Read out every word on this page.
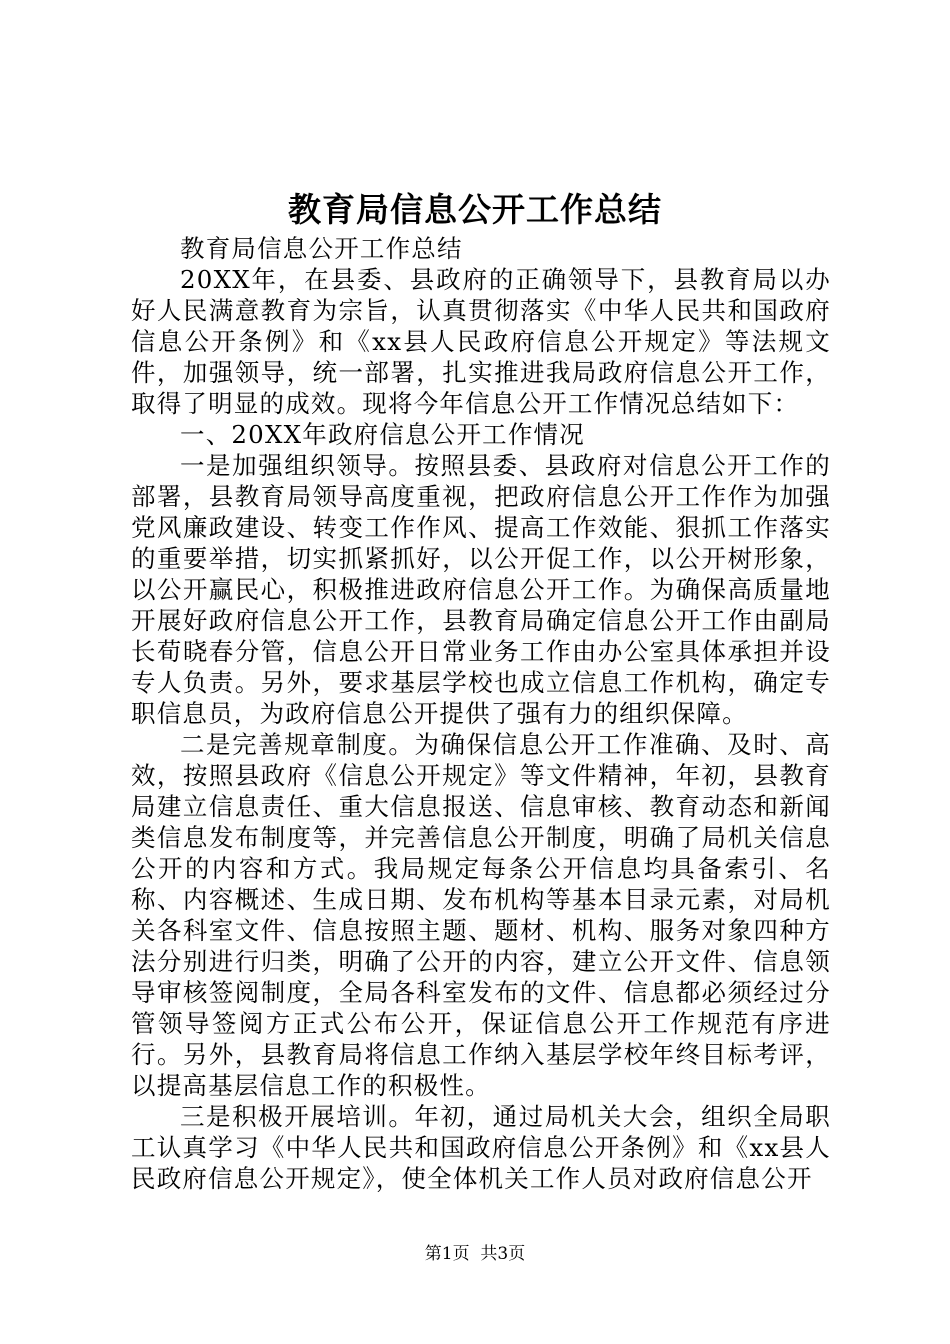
教育局信息公开工作总结

教育局信息公开工作总结

20XX年，在县委、县政府的正确领导下，县教育局以办好人民满意教育为宗旨，认真贯彻落实《中华人民共和国政府信息公开条例》和《xx县人民政府信息公开规定》等法规文件，加强领导，统一部署，扎实推进我局政府信息公开工作，取得了明显的成效。现将今年信息公开工作情况总结如下：

一、20XX年政府信息公开工作情况

一是加强组织领导。按照县委、县政府对信息公开工作的部署，县教育局领导高度重视，把政府信息公开工作作为加强党风廉政建设、转变工作作风、提高工作效能、狠抓工作落实的重要举措，切实抓紧抓好，以公开促工作，以公开树形象，以公开赢民心，积极推进政府信息公开工作。为确保高质量地开展好政府信息公开工作，县教育局确定信息公开工作由副局长荀晓春分管，信息公开日常业务工作由办公室具体承担并设专人负责。另外，要求基层学校也成立信息工作机构，确定专职信息员，为政府信息公开提供了强有力的组织保障。

二是完善规章制度。为确保信息公开工作准确、及时、高效，按照县政府《信息公开规定》等文件精神，年初，县教育局建立信息责任、重大信息报送、信息审核、教育动态和新闻类信息发布制度等，并完善信息公开制度，明确了局机关信息公开的内容和方式。我局规定每条公开信息均具备索引、名称、内容概述、生成日期、发布机构等基本目录元素，对局机关各科室文件、信息按照主题、题材、机构、服务对象四种方法分别进行归类，明确了公开的内容，建立公开文件、信息领导审核签阅制度，全局各科室发布的文件、信息都必须经过分管领导签阅方正式公布公开，保证信息公开工作规范有序进行。另外，县教育局将信息工作纳入基层学校年终目标考评，以提高基层信息工作的积极性。

三是积极开展培训。年初，通过局机关大会，组织全局职工认真学习《中华人民共和国政府信息公开条例》和《xx县人民政府信息公开规定》，使全体机关工作人员对政府信息公开

第1页 共3页
